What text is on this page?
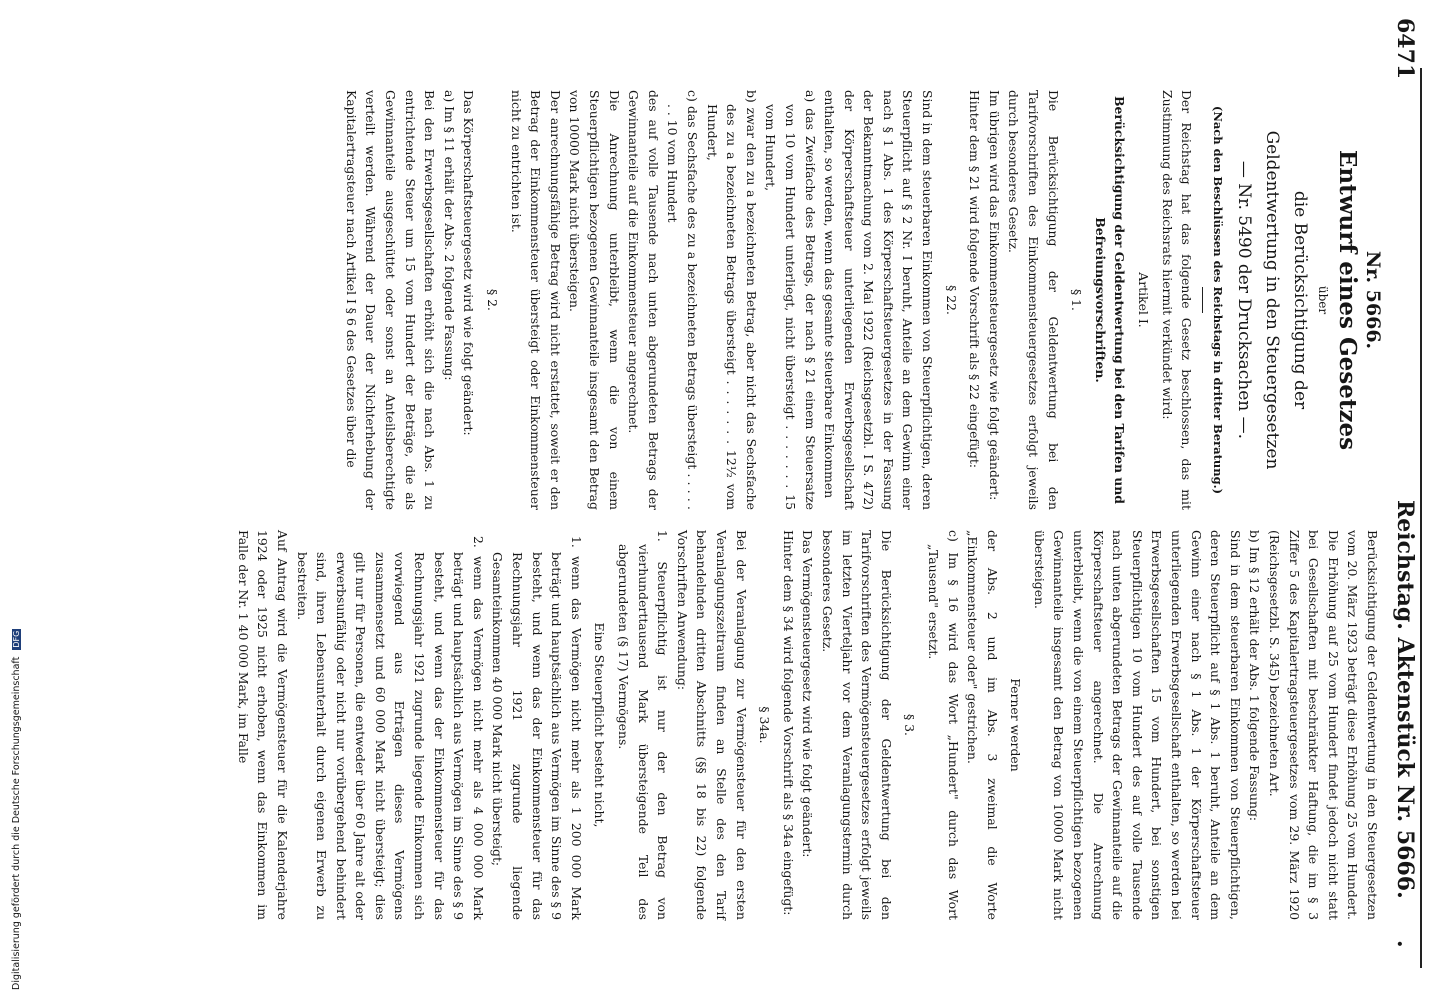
Digitalisierung gefördert durch die Deutsche Forschungsgemeinschaft DFG
6471
Reichstag. Aktenstück Nr. 5666.
.

Nr. 5666.

Entwurf eines Gesetzes

über

die Berücksichtigung der

Geldentwertung in den Steuergesetzen

— Nr. 5490 der Drucksachen —.

(Nach den Beschlüssen des Reichstags in dritter Beratung.)

Der Reichstag hat das folgende Gesetz beschlossen, das mit Zustimmung des Reichsrats hiermit verkündet wird:

Artikel I.

Berücksichtigung der Geldentwertung bei den Tarifen und Befreiungsvorschriften.

§ 1.

Die Berücksichtigung der Geldentwertung bei den Tarifvorschriften des Einkommensteuergesetzes erfolgt jeweils durch besonderes Gesetz.

Im übrigen wird das Einkommensteuergesetz wie folgt geändert:

Hinter dem § 21 wird folgende Vorschrift als § 22 eingefügt:

§ 22.

Sind in dem steuerbaren Einkommen von Steuerpflichtigen, deren Steuerpflicht auf § 2 Nr. I beruht, Anteile an dem Gewinn einer nach § 1 Abs. 1 des Körperschaftsteuergesetzes in der Fassung der Bekanntmachung vom 2. Mai 1922 (Reichsgesetzbl. I S. 472) der Körperschaftsteuer unterliegenden Erwerbsgesellschaft enthalten, so werden, wenn das gesamte steuerbare Einkommen

a) das Zweifache des Betrags, der nach § 21 einem Steuersatze von 10 vom Hundert unterliegt, nicht übersteigt . . . . . . . 15 vom Hundert,

b) zwar den zu a bezeichneten Betrag, aber nicht das Sechsfache des zu a bezeichneten Betrags übersteigt . . . . . . . 12½ vom Hundert,

c) das Sechsfache des zu a bezeichneten Betrags übersteigt . . . . . . . 10 vom Hundert

des auf volle Tausende nach unten abgerundeten Betrags der Gewinnanteile auf die Einkommensteuer angerechnet.

Die Anrechnung unterbleibt, wenn die von einem Steuerpflichtigen bezogenen Gewinnanteile insgesamt den Betrag von 10000 Mark nicht übersteigen.

Der anrechnungsfähige Betrag wird nicht erstattet, soweit er den Betrag der Einkommensteuer übersteigt oder Einkommensteuer nicht zu entrichten ist.

§ 2.

Das Körperschaftsteuergesetz wird wie folgt geändert:

a) Im § 11 erhält der Abs. 2 folgende Fassung:

Bei den Erwerbsgesellschaften erhöht sich die nach Abs. 1 zu entrichtende Steuer um 15 vom Hundert der Beträge, die als Gewinnanteile ausgeschüttet oder sonst an Anteilsberechtigte verteilt werden. Während der Dauer der Nichterhebung der Kapitalertragsteuer nach Artikel I § 6 des Gesetzes über die

Berücksichtigung der Geldentwertung in den Steuergesetzen vom 20. März 1923 beträgt diese Erhöhung 25 vom Hundert. Die Erhöhung auf 25 vom Hundert findet jedoch nicht statt bei Gesellschaften mit beschränkter Haftung, die im § 3 Ziffer 5 des Kapitalertragsteuergesetzes vom 29. März 1920 (Reichsgesetzbl. S. 345) bezeichneten Art.

b) Im § 12 erhält der Abs. 1 folgende Fassung:

Sind in dem steuerbaren Einkommen von Steuerpflichtigen, deren Steuerpflicht auf § 1 Abs. 1 beruht, Anteile an dem Gewinn einer nach § 1 Abs. 1 der Körperschaftsteuer unterliegenden Erwerbsgesellschaft enthalten, so werden bei Erwerbsgesellschaften 15 vom Hundert, bei sonstigen Steuerpflichtigen 10 vom Hundert des auf volle Tausende nach unten abgerundeten Betrags der Gewinnanteile auf die Körperschaftsteuer angerechnet. Die Anrechnung unterbleibt, wenn die von einem Steuerpflichtigen bezogenen Gewinnanteile insgesamt den Betrag von 10000 Mark nicht übersteigen.

Ferner werden

der Abs. 2 und im Abs. 3 zweimal die Worte „Einkommensteuer oder" gestrichen.

c) Im § 16 wird das Wort „Hundert" durch das Wort „Tausend" ersetzt.

§ 3.

Die Berücksichtigung der Geldentwertung bei den Tarifvorschriften des Vermögensteuergesetzes erfolgt jeweils im letzten Vierteljahr vor dem Veranlagungstermin durch besonderes Gesetz.

Das Vermögensteuergesetz wird wie folgt geändert:

Hinter dem § 34 wird folgende Vorschrift als § 34a eingefügt:

§ 34a.

Bei der Veranlagung zur Vermögensteuer für den ersten Veranlagungszeitraum finden an Stelle des den Tarif behandelnden dritten Abschnitts (§§ 18 bis 22) folgende Vorschriften Anwendung:

1. Steuerpflichtig ist nur der den Betrag von vierhunderttausend Mark übersteigende Teil des abgerundeten (§ 17) Vermögens.

Eine Steuerpflicht besteht nicht,

1. wenn das Vermögen nicht mehr als 1 200 000 Mark beträgt und hauptsächlich aus Vermögen im Sinne des § 9 besteht, und wenn das der Einkommensteuer für das Rechnungsjahr 1921 zugrunde liegende Gesamteinkommen 40 000 Mark nicht übersteigt;

2. wenn das Vermögen nicht mehr als 4 000 000 Mark beträgt und hauptsächlich aus Vermögen im Sinne des § 9 besteht, und wenn das der Einkommensteuer für das Rechnungsjahr 1921 zugrunde liegende Einkommen sich vorwiegend aus Erträgen dieses Vermögens zusammensetzt und 60 000 Mark nicht übersteigt; dies gilt nur für Personen, die entweder über 60 Jahre alt oder erwerbsunfähig oder nicht nur vorübergehend behindert sind, ihren Lebensunterhalt durch eigenen Erwerb zu bestreiten.

Auf Antrag wird die Vermögensteuer für die Kalenderjahre 1924 oder 1925 nicht erhoben, wenn das Einkommen im Falle der Nr. 1 40 000 Mark, im Falle
